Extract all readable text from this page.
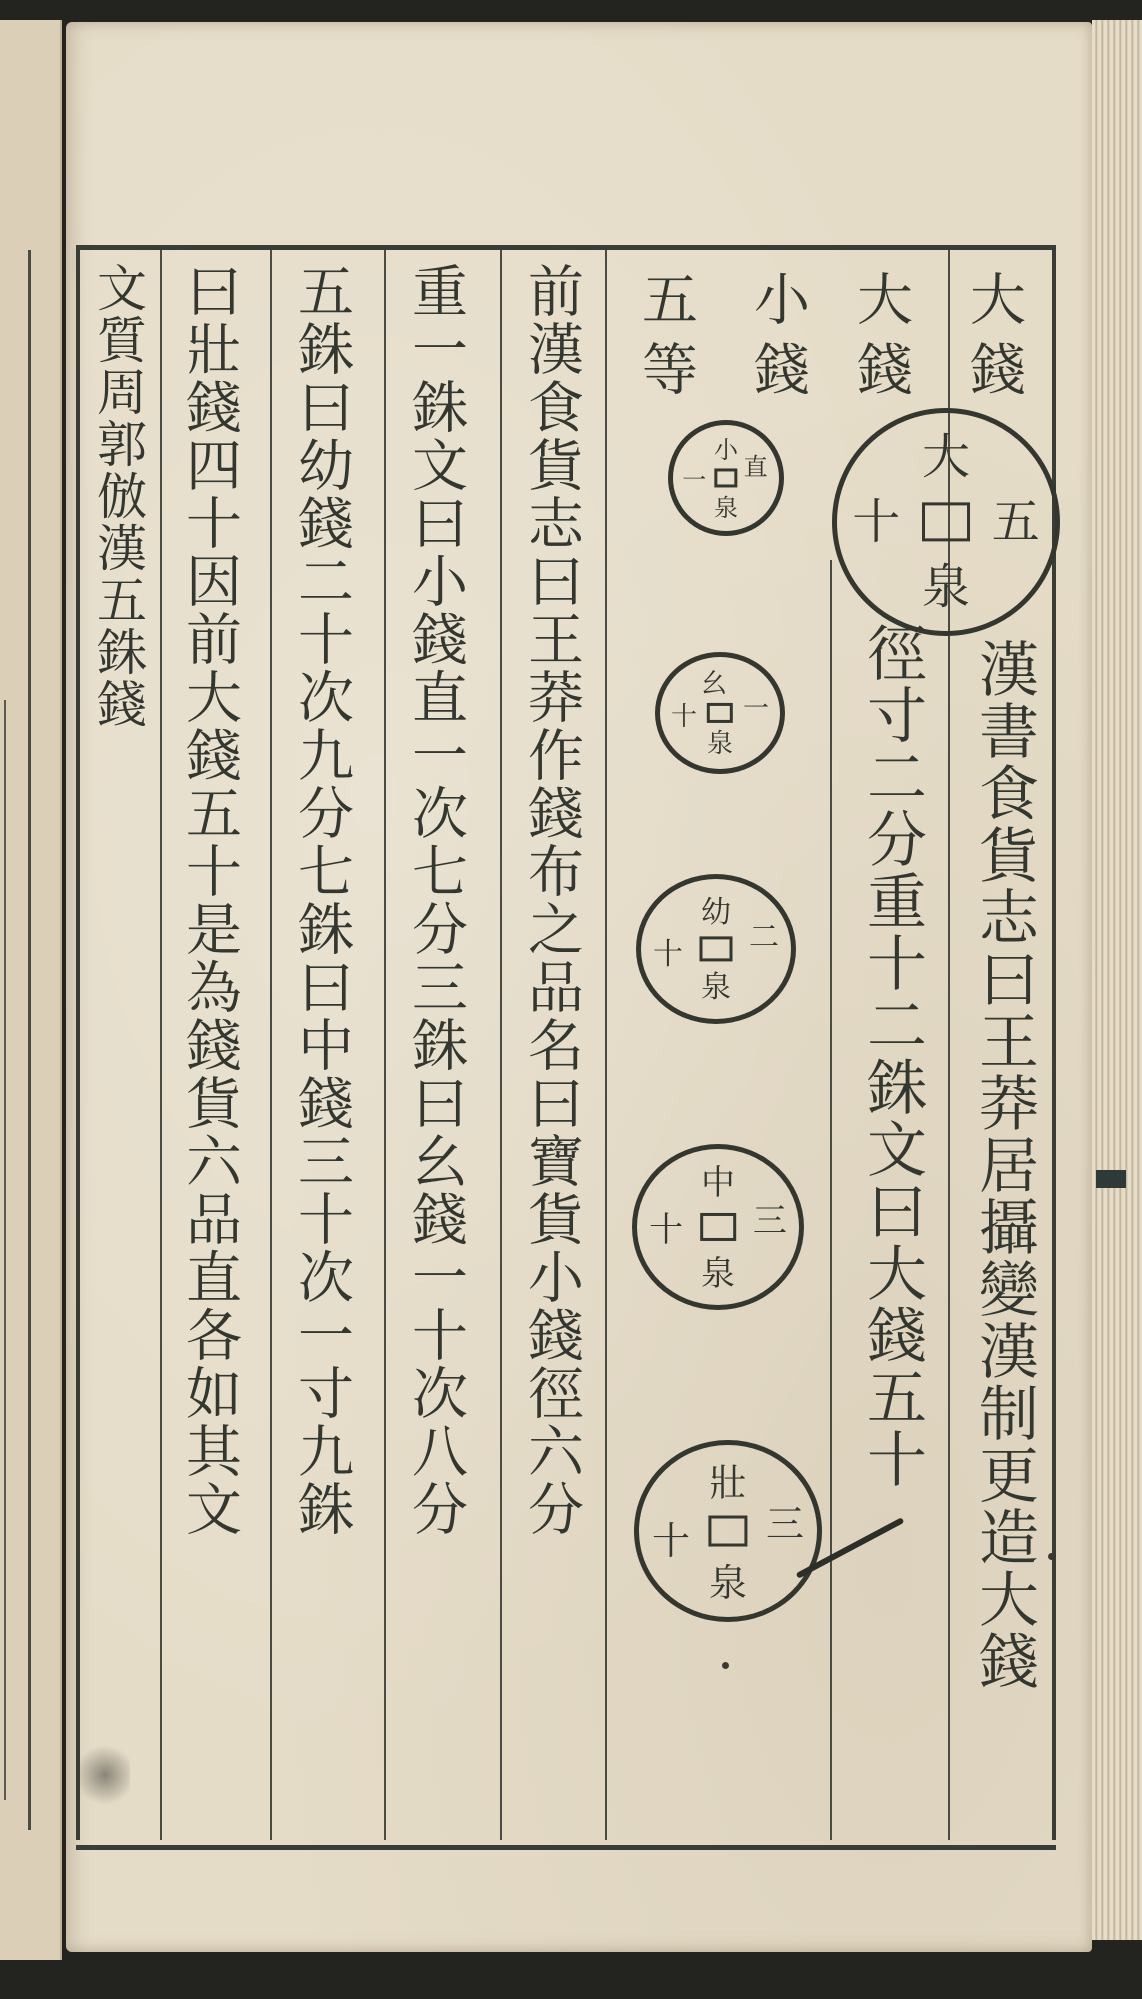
大錢
大錢
小錢
五等
大
泉
十 五
漢書食貨志曰王莽居攝變漢制更造大錢
徑寸二分重十二銖文曰大錢五十
小
泉
一 直
幺
泉
十 一
幼
泉
十 二
中
泉
十 三
壯
泉
十 三
前漢食貨志曰王莽作錢布之品名曰寶貨小錢徑六分
重一銖文曰小錢直一次七分三銖曰幺錢一十次八分
五銖曰幼錢二十次九分七銖曰中錢三十次一寸九銖
曰壯錢四十因前大錢五十是為錢貨六品直各如其文
文質周郭倣漢五銖錢
